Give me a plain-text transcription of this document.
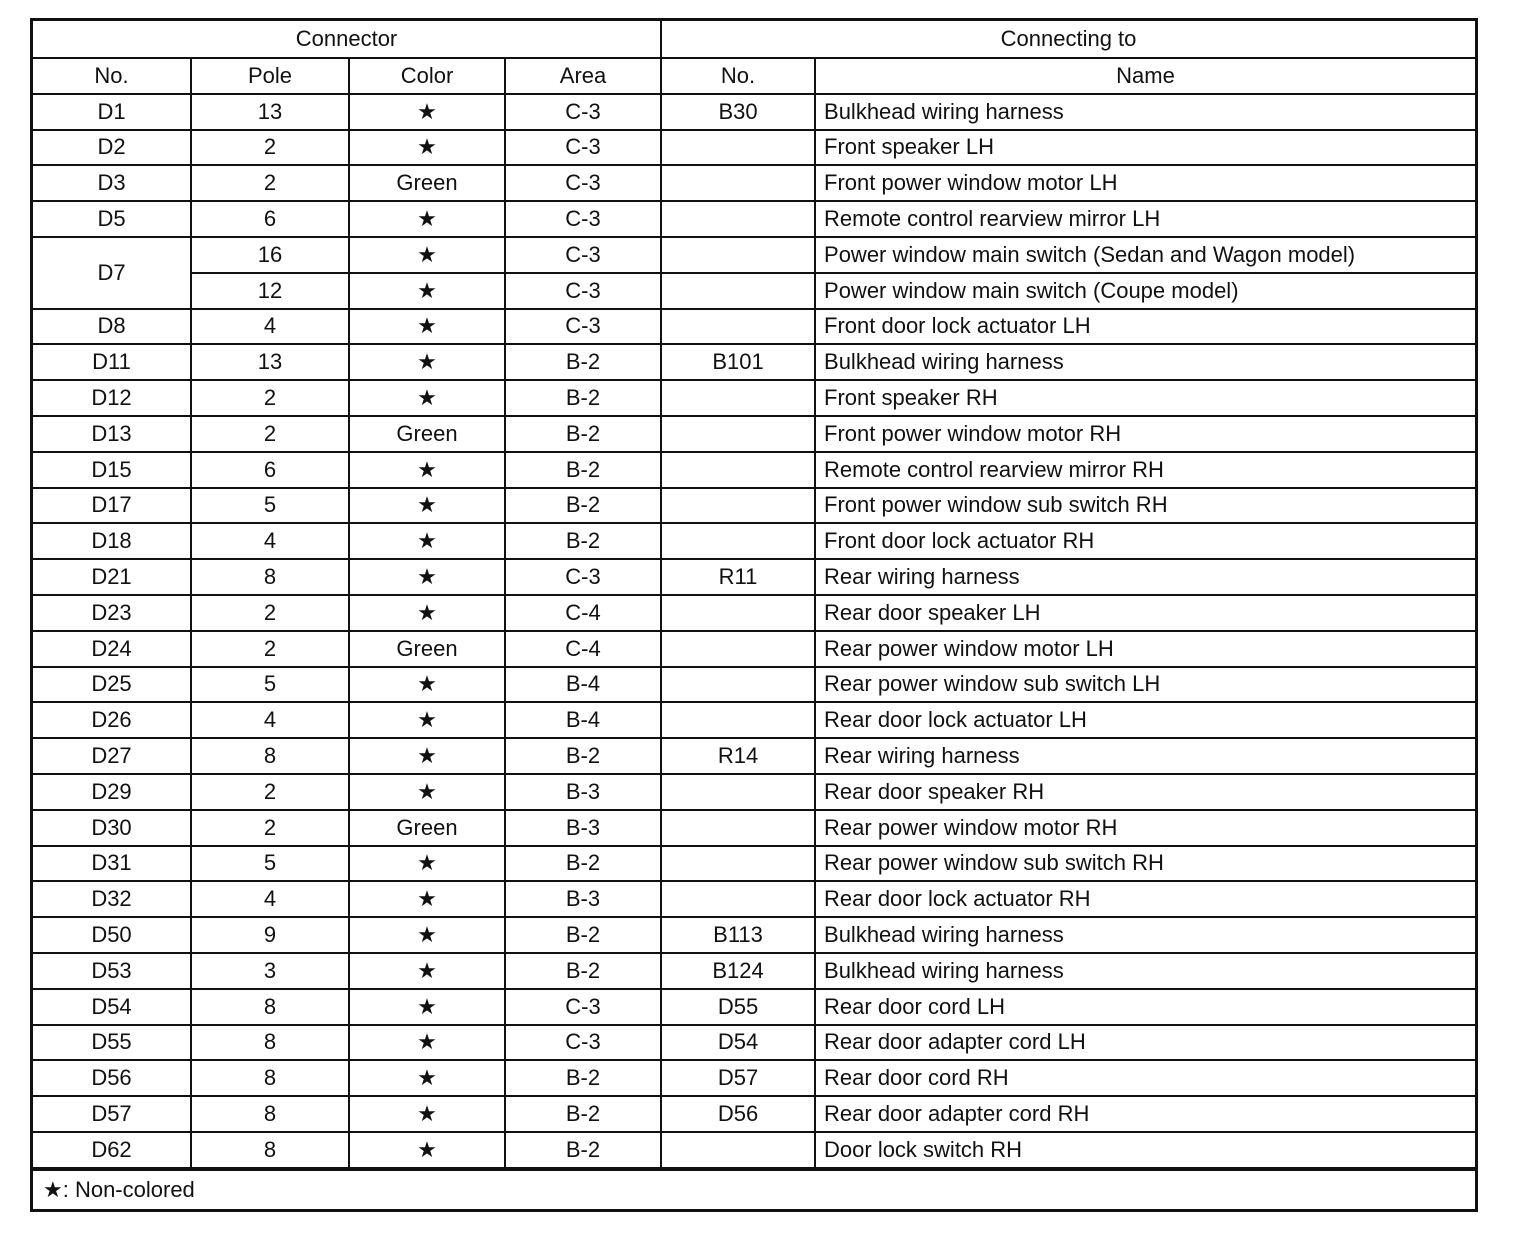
Connector				Connecting to	
No.	Pole	Color	Area	No.	Name
D1	13	★	C-3	B30	Bulkhead wiring harness
D2	2	★	C-3		Front speaker LH
D3	2	Green	C-3		Front power window motor LH
D5	6	★	C-3		Remote control rearview mirror LH
D7	16	★	C-3		Power window main switch (Sedan and Wagon model)
	12	★	C-3		Power window main switch (Coupe model)
D8	4	★	C-3		Front door lock actuator LH
D11	13	★	B-2	B101	Bulkhead wiring harness
D12	2	★	B-2		Front speaker RH
D13	2	Green	B-2		Front power window motor RH
D15	6	★	B-2		Remote control rearview mirror RH
D17	5	★	B-2		Front power window sub switch RH
D18	4	★	B-2		Front door lock actuator RH
D21	8	★	C-3	R11	Rear wiring harness
D23	2	★	C-4		Rear door speaker LH
D24	2	Green	C-4		Rear power window motor LH
D25	5	★	B-4		Rear power window sub switch LH
D26	4	★	B-4		Rear door lock actuator LH
D27	8	★	B-2	R14	Rear wiring harness
D29	2	★	B-3		Rear door speaker RH
D30	2	Green	B-3		Rear power window motor RH
D31	5	★	B-2		Rear power window sub switch RH
D32	4	★	B-3		Rear door lock actuator RH
D50	9	★	B-2	B113	Bulkhead wiring harness
D53	3	★	B-2	B124	Bulkhead wiring harness
D54	8	★	C-3	D55	Rear door cord LH
D55	8	★	C-3	D54	Rear door adapter cord LH
D56	8	★	B-2	D57	Rear door cord RH
D57	8	★	B-2	D56	Rear door adapter cord RH
D62	8	★	B-2		Door lock switch RH
★: Non-colored
